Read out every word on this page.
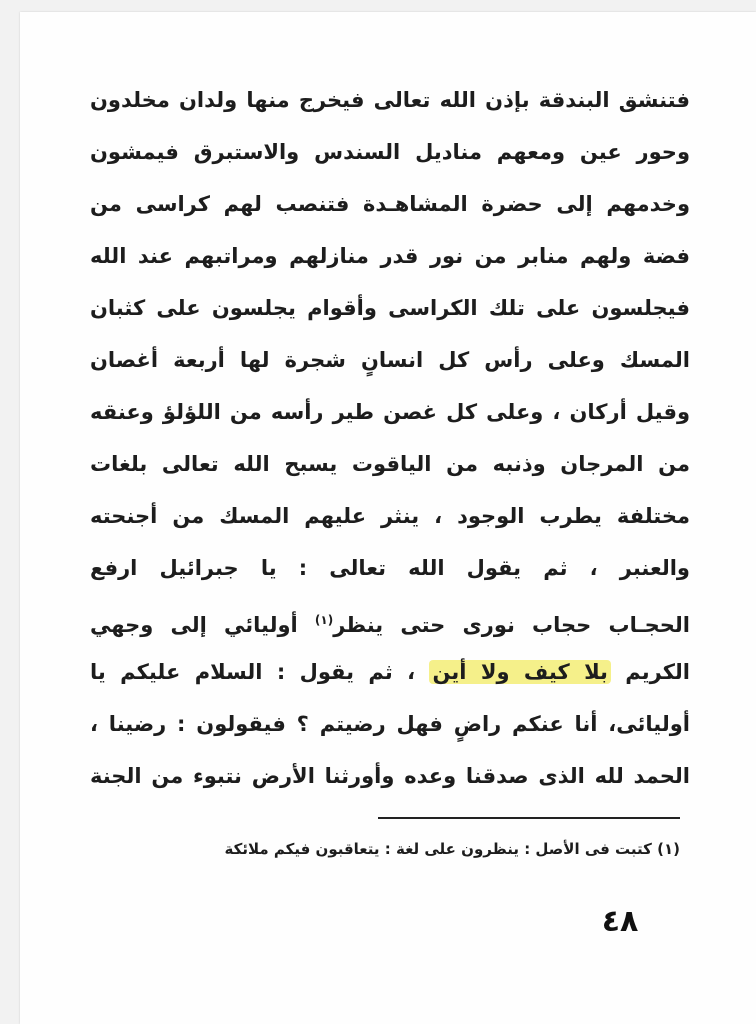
فتنشق البندقة بإذن الله تعالى فيخرج منها ولدان مخلدون
وحور عين ومعهم مناديل السندس والاستبرق فيمشون
وخدمهم إلى حضرة المشاهـدة فتنصب لهم كراسى من
فضة ولهم منابر من نور قدر منازلهم ومراتبهم عند الله
فيجلسون على تلك الكراسى وأقوام يجلسون على كثبان
المسك وعلى رأس كل انسانٍ شجرة لها أربعة أغصان
وقيل أركان ، وعلى كل غصن طير رأسه من اللؤلؤ وعنقه
من المرجان وذنبه من الياقوت يسبح الله تعالى بلغات
مختلفة يطرب الوجود ، ينثر عليهم المسك من أجنحته
والعنبر ، ثم يقول الله تعالى : يا جبرائيل ارفع
الحجـاب حجاب نورى حتى ينظر$^{(١)}$ أوليائي إلى وجهي
الكريم بلا كيف ولا أين ، ثم يقول : السلام عليكم يا
أوليائى، أنا عنكم راضٍ فهل رضيتم ؟ فيقولون : رضينا ،
الحمد لله الذى صدقنا وعده وأورثنا الأرض نتبوء من الجنة
(١) كتبت فى الأصل : ينظرون على لغة : يتعاقبون فيكم ملائكة
٤٨
